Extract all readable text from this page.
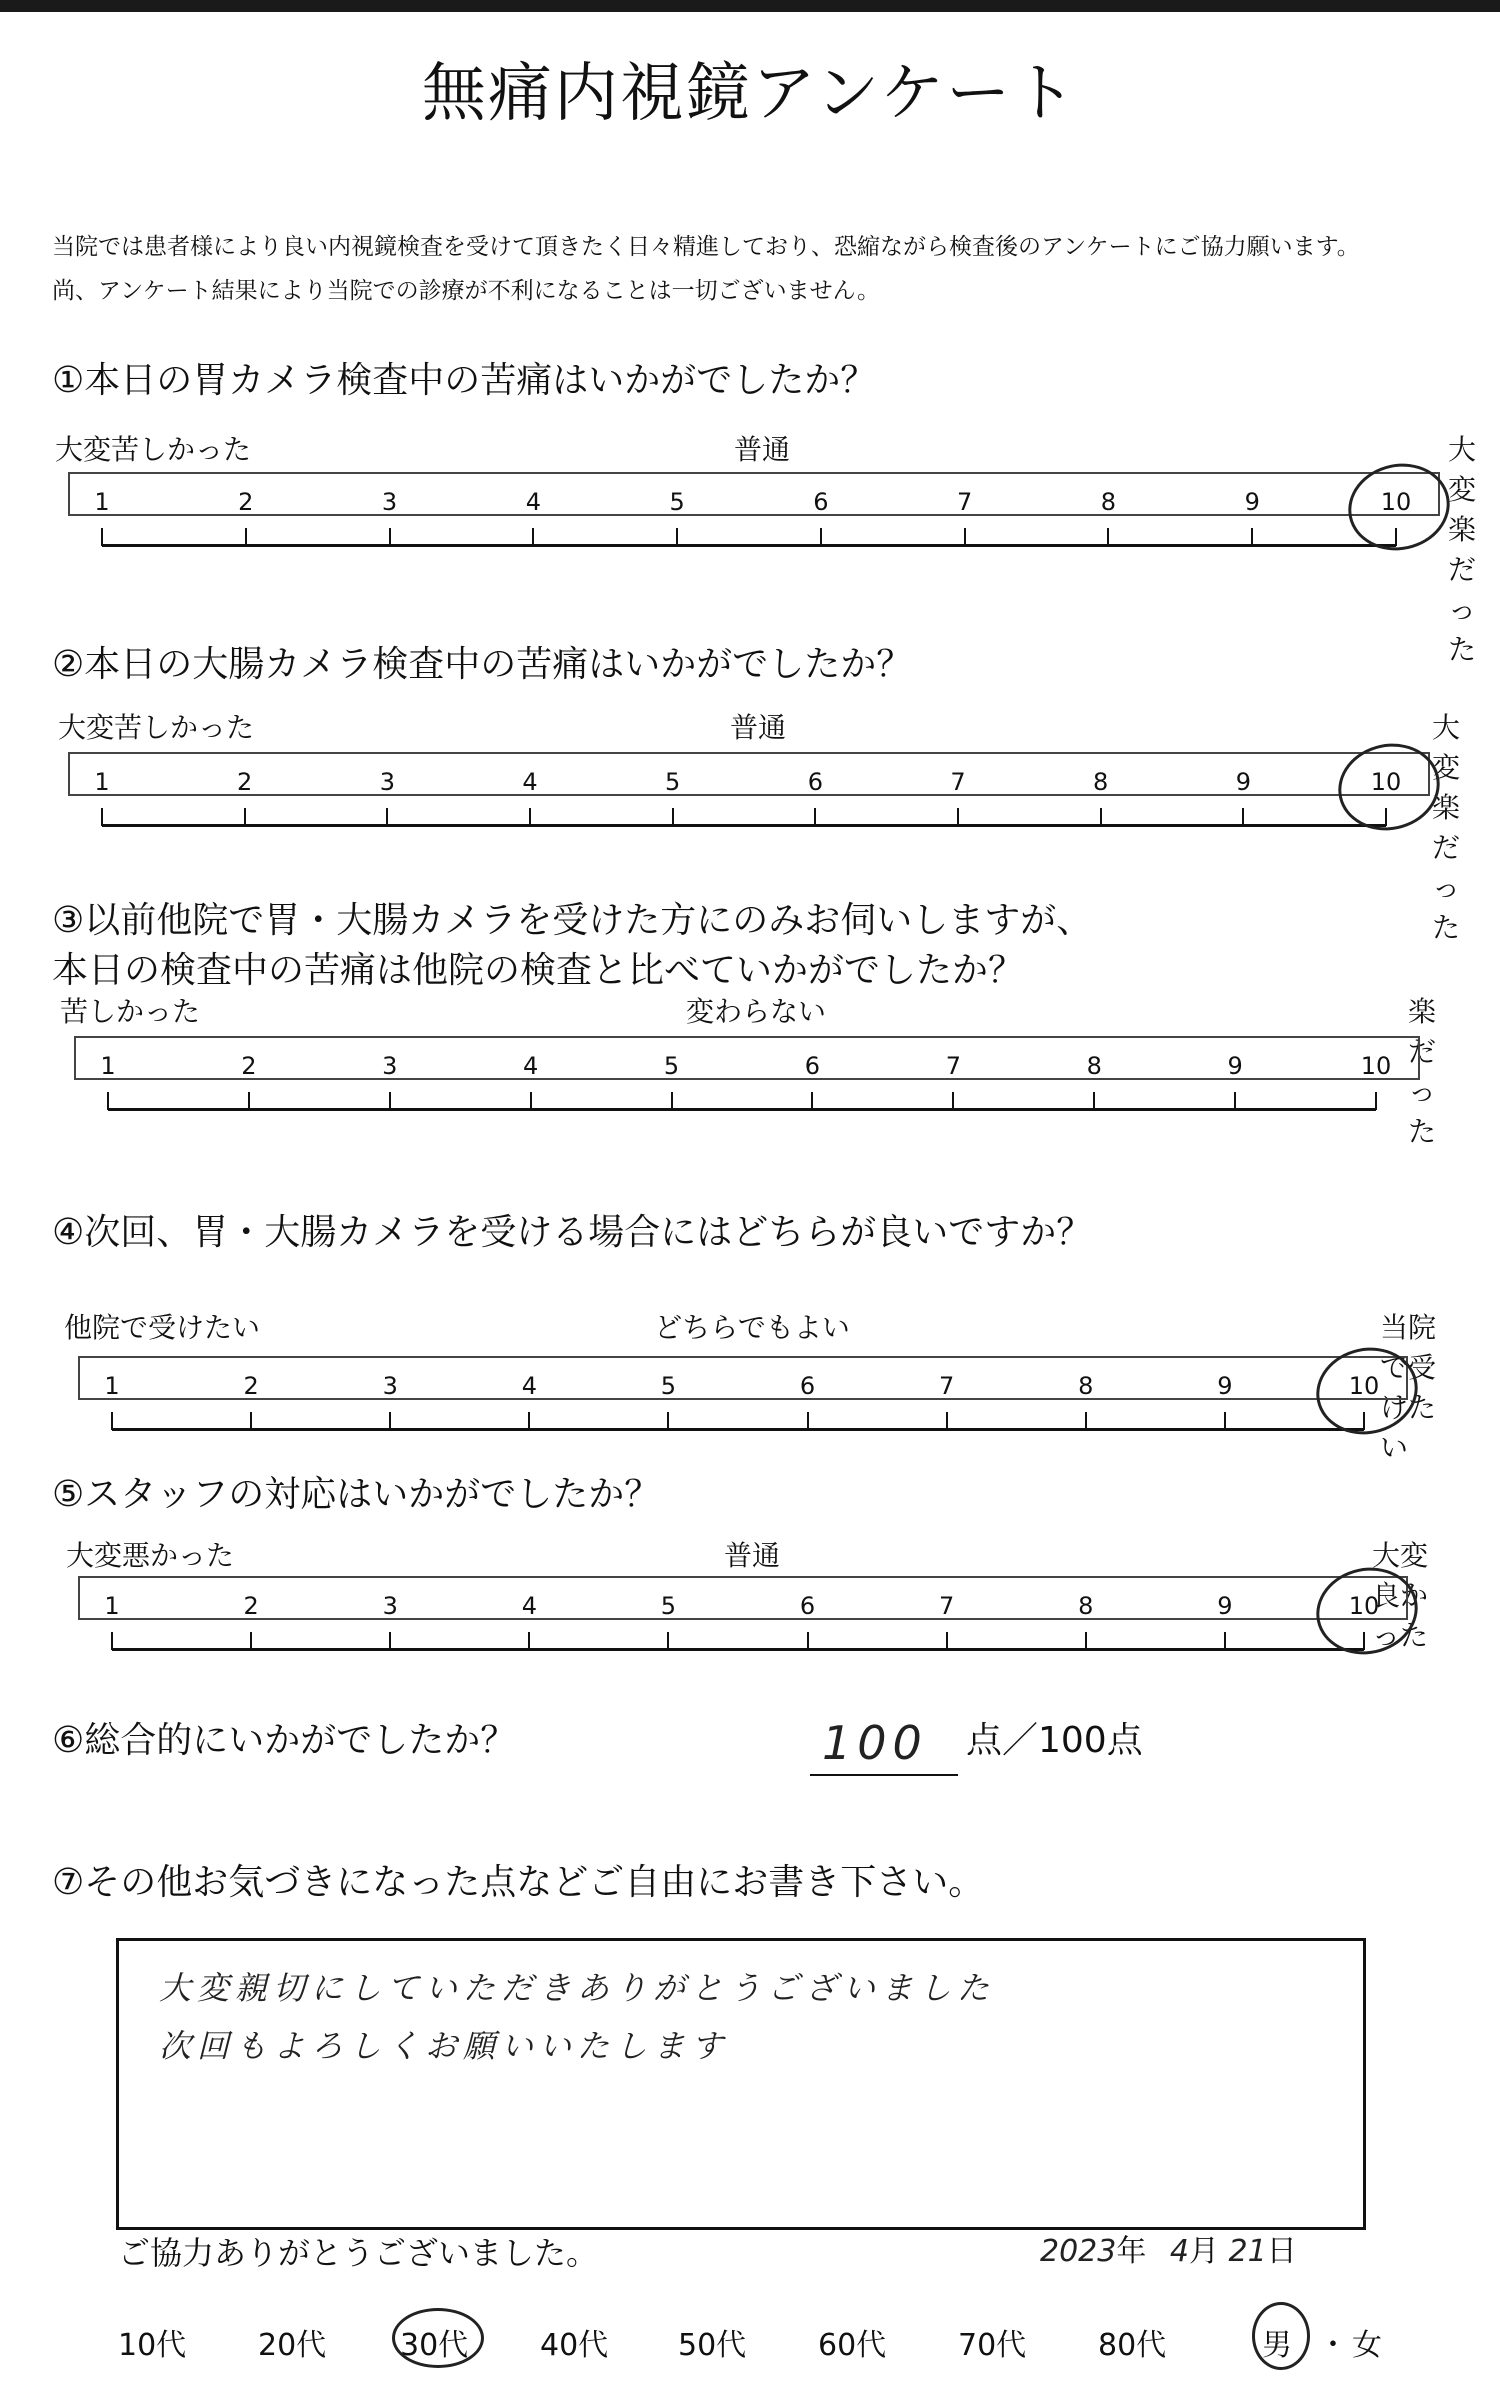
無痛内視鏡アンケート
当院では患者様により良い内視鏡検査を受けて頂きたく日々精進しており、恐縮ながら検査後のアンケートにご協力願います。
尚、アンケート結果により当院での診療が不利になることは一切ございません。
①本日の胃カメラ検査中の苦痛はいかがでしたか？
大変苦しかった	普通	大変楽だった
1	2	3	4	5	6	7	8	9	10
②本日の大腸カメラ検査中の苦痛はいかがでしたか？
大変苦しかった	普通	大変楽だった
1	2	3	4	5	6	7	8	9	10
③以前他院で胃・大腸カメラを受けた方にのみお伺いしますが、
本日の検査中の苦痛は他院の検査と比べていかがでしたか？
苦しかった	変わらない	楽だった
1	2	3	4	5	6	7	8	9	10
④次回、胃・大腸カメラを受ける場合にはどちらが良いですか？
他院で受けたい	どちらでもよい	当院で受けたい
1	2	3	4	5	6	7	8	9	10
⑤スタッフの対応はいかがでしたか？
大変悪かった	普通	大変良かった
1	2	3	4	5	6	7	8	9	10
⑥総合的にいかがでしたか？	100 点／100点
⑦その他お気づきになった点などご自由にお書き下さい。
大変親切にしていただきありがとうございました
次回もよろしくお願いいたします
ご協力ありがとうございました。	2023年 4月 21日
10代 20代 30代 40代 50代 60代 70代 80代	男 ・ 女
